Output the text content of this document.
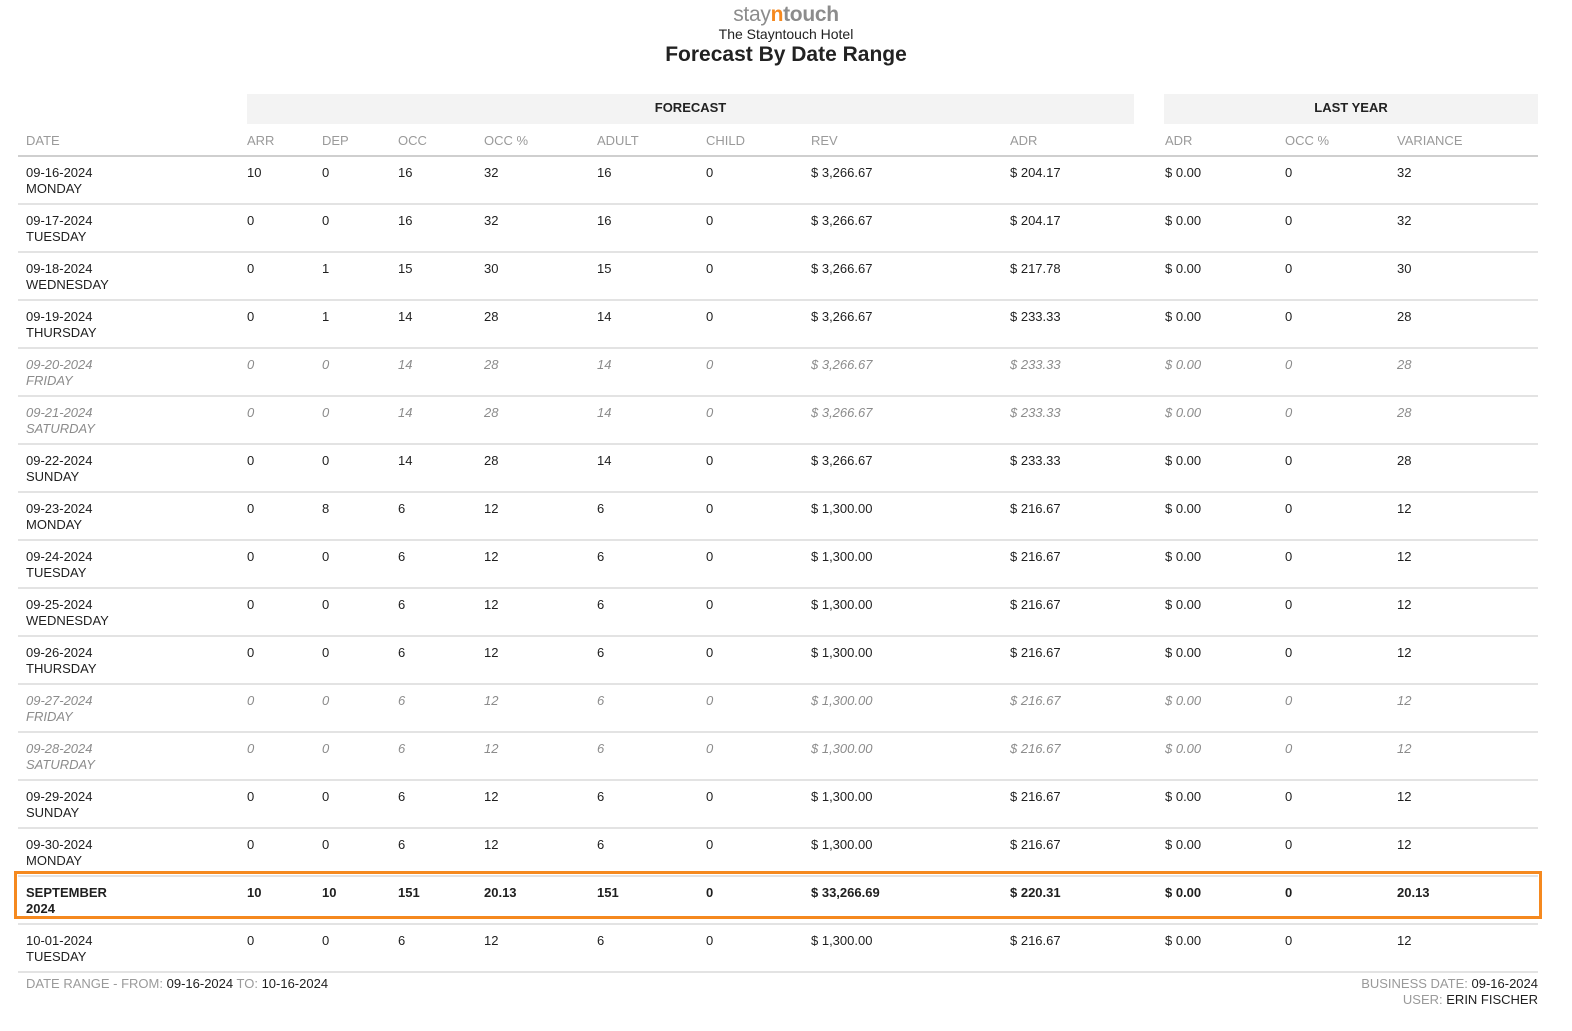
stayntouch
The Stayntouch Hotel
Forecast By Date Range
FORECAST	LAST YEAR
DATE	ARR	DEP	OCC	OCC %	ADULT	CHILD	REV	ADR	ADR	OCC %	VARIANCE

09-16-2024
MONDAY	10	0	16	32	16	0	$ 3,266.67	$ 204.17	$ 0.00	0	32

09-17-2024
TUESDAY	0	0	16	32	16	0	$ 3,266.67	$ 204.17	$ 0.00	0	32

09-18-2024
WEDNESDAY	0	1	15	30	15	0	$ 3,266.67	$ 217.78	$ 0.00	0	30

09-19-2024
THURSDAY	0	1	14	28	14	0	$ 3,266.67	$ 233.33	$ 0.00	0	28

09-20-2024
FRIDAY	0	0	14	28	14	0	$ 3,266.67	$ 233.33	$ 0.00	0	28

09-21-2024
SATURDAY	0	0	14	28	14	0	$ 3,266.67	$ 233.33	$ 0.00	0	28

09-22-2024
SUNDAY	0	0	14	28	14	0	$ 3,266.67	$ 233.33	$ 0.00	0	28

09-23-2024
MONDAY	0	8	6	12	6	0	$ 1,300.00	$ 216.67	$ 0.00	0	12

09-24-2024
TUESDAY	0	0	6	12	6	0	$ 1,300.00	$ 216.67	$ 0.00	0	12

09-25-2024
WEDNESDAY	0	0	6	12	6	0	$ 1,300.00	$ 216.67	$ 0.00	0	12

09-26-2024
THURSDAY	0	0	6	12	6	0	$ 1,300.00	$ 216.67	$ 0.00	0	12

09-27-2024
FRIDAY	0	0	6	12	6	0	$ 1,300.00	$ 216.67	$ 0.00	0	12

09-28-2024
SATURDAY	0	0	6	12	6	0	$ 1,300.00	$ 216.67	$ 0.00	0	12

09-29-2024
SUNDAY	0	0	6	12	6	0	$ 1,300.00	$ 216.67	$ 0.00	0	12

09-30-2024
MONDAY	0	0	6	12	6	0	$ 1,300.00	$ 216.67	$ 0.00	0	12

SEPTEMBER
2024	10	10	151	20.13	151	0	$ 33,266.69	$ 220.31	$ 0.00	0	20.13

10-01-2024
TUESDAY	0	0	6	12	6	0	$ 1,300.00	$ 216.67	$ 0.00	0	12
DATE RANGE - FROM: 09-16-2024 TO: 10-16-2024	BUSINESS DATE: 09-16-2024
USER: ERIN FISCHER
